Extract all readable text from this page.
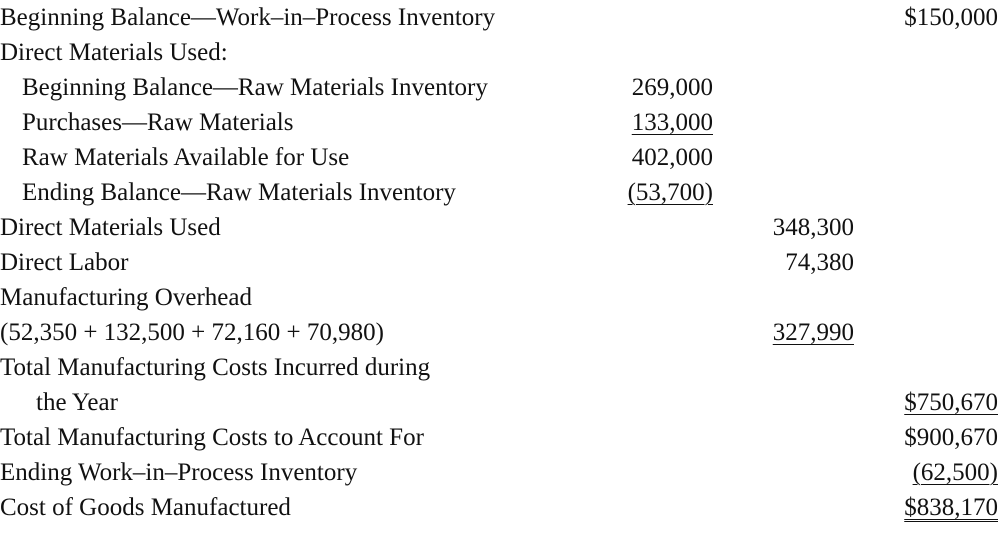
Beginning Balance—Work–in–Process Inventory	$150,000
Direct Materials Used:
Beginning Balance—Raw Materials Inventory	269,000
Purchases—Raw Materials	133,000
Raw Materials Available for Use	402,000
Ending Balance—Raw Materials Inventory	(53,700)
Direct Materials Used	348,300
Direct Labor	74,380
Manufacturing Overhead
(52,350 + 132,500 + 72,160 + 70,980)	327,990
Total Manufacturing Costs Incurred during
the Year	$750,670
Total Manufacturing Costs to Account For	$900,670
Ending Work–in–Process Inventory	(62,500)
Cost of Goods Manufactured	$838,170
